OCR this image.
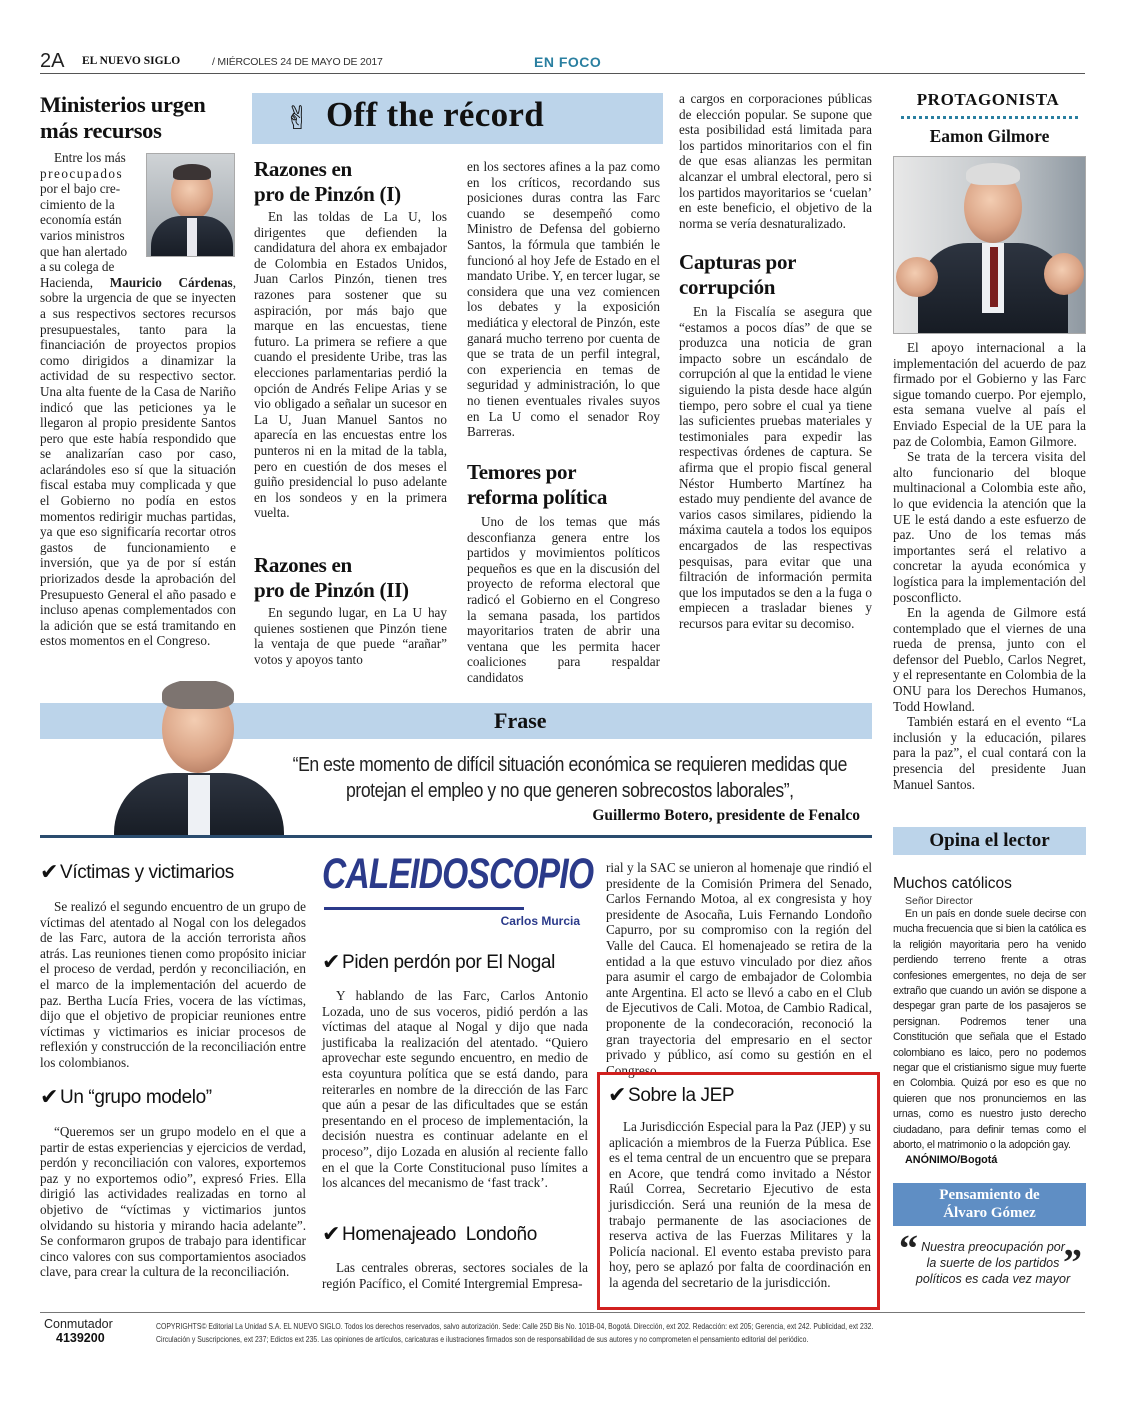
2A EL NUEVO SIGLO	/ MIÉRCOLES 24 DE MAYO DE 2017	EN FOCO
Ministerios urgen
más recursos
Entre los más
preocupados
por el bajo cre-
cimiento de la
economía están
varios ministros
que han alertado
a su colega de
Hacienda, Mauricio Cárdenas, sobre la urgencia de que se inyecten a sus respectivos sectores recursos presupuestales, tanto para la financiación de proyectos propios como dirigidos a dinamizar la actividad de su respectivo sector. Una alta fuente de la Casa de Nariño indicó que las peticiones ya le llegaron al propio presidente Santos pero que este había respondido que se analizarían caso por caso, aclarándoles eso sí que la situación fiscal estaba muy complicada y que el Gobierno no podía en estos momentos redirigir muchas partidas, ya que eso significaría recortar otros gastos de funcionamiento e inversión, que ya de por sí están priorizados desde la aprobación del Presupuesto General el año pasado e incluso apenas complementados con la adición que se está tramitando en estos momentos en el Congreso.
✌ Off the récord
Razones en
pro de Pinzón (I)

En las toldas de La U, los dirigentes que defienden la candidatura del ahora ex embajador de Colombia en Estados Unidos, Juan Carlos Pinzón, tienen tres razones para sostener que su aspiración, por más bajo que marque en las encuestas, tiene futuro. La primera se refiere a que cuando el presidente Uribe, tras las elecciones parlamentarias perdió la opción de Andrés Felipe Arias y se vio obligado a señalar un sucesor en La U, Juan Manuel Santos no aparecía en las encuestas entre los punteros ni en la mitad de la tabla, pero en cuestión de dos meses el guiño presidencial lo puso adelante en los sondeos y en la primera vuelta.

Razones en
pro de Pinzón (II)

En segundo lugar, en La U hay quienes sostienen que Pinzón tiene la ventaja de que puede “arañar” votos y apoyos tanto

en los sectores afines a la paz como en los críticos, recordando sus posiciones duras contra las Farc cuando se desempeñó como Ministro de Defensa del gobierno Santos, la fórmula que también le funcionó al hoy Jefe de Estado en el mandato Uribe. Y, en tercer lugar, se considera que una vez comiencen los debates y la exposición mediática y electoral de Pinzón, este ganará mucho terreno por cuenta de que se trata de un perfil integral, con experiencia en temas de seguridad y administración, lo que no tienen eventuales rivales suyos en La U como el senador Roy Barreras.
Temores por
reforma política

Uno de los temas que más desconfianza genera entre los partidos y movimientos políticos pequeños es que en la discusión del proyecto de reforma electoral que radicó el Gobierno en el Congreso la semana pasada, los partidos mayoritarios traten de abrir una ventana que les permita hacer coaliciones para respaldar candidatos

a cargos en corporaciones públicas de elección popular. Se supone que esta posibilidad está limitada para los partidos minoritarios con el fin de que esas alianzas les permitan alcanzar el umbral electoral, pero si los partidos mayoritarios se ‘cuelan’ en este beneficio, el objetivo de la norma se vería desnaturalizado.
Capturas por
corrupción

En la Fiscalía se asegura que “estamos a pocos días” de que se produzca una noticia de gran impacto sobre un escándalo de corrupción al que la entidad le viene siguiendo la pista desde hace algún tiempo, pero sobre el cual ya tiene las suficientes pruebas materiales y testimoniales para expedir las respectivas órdenes de captura. Se afirma que el propio fiscal general Néstor Humberto Martínez ha estado muy pendiente del avance de varios casos similares, pidiendo la máxima cautela a todos los equipos encargados de las respectivas pesquisas, para evitar que una filtración de información permita que los imputados se den a la fuga o empiecen a trasladar bienes y recursos para evitar su decomiso.

PROTAGONISTA
Eamon Gilmore

El apoyo internacional a la implementación del acuerdo de paz firmado por el Gobierno y las Farc sigue tomando cuerpo. Por ejemplo, esta semana vuelve al país el Enviado Especial de la UE para la paz de Colombia, Eamon Gilmore.

Se trata de la tercera visita del alto funcionario del bloque multinacional a Colombia este año, lo que evidencia la atención que la UE le está dando a este esfuerzo de paz. Uno de los temas más importantes será el relativo a concretar la ayuda económica y logística para la implementación del posconflicto.

En la agenda de Gilmore está contemplado que el viernes de una rueda de prensa, junto con el defensor del Pueblo, Carlos Negret, y el representante en Colombia de la ONU para los Derechos Humanos, Todd Howland.

También estará en el evento “La inclusión y la educación, pilares para la paz”, el cual contará con la presencia del presidente Juan Manuel Santos.

Frase
“En este momento de difícil situación económica se requieren medidas que protejan el empleo y no que generen sobrecostos laborales”,
Guillermo Botero, presidente de Fenalco
✔ Víctimas y victimarios

Se realizó el segundo encuentro de un grupo de víctimas del atentado al Nogal con los delegados de las Farc, autora de la acción terrorista años atrás. Las reuniones tienen como propósito iniciar el proceso de verdad, perdón y reconciliación, en el marco de la implementación del acuerdo de paz. Bertha Lucía Fries, vocera de las víctimas, dijo que el objetivo de propiciar reuniones entre víctimas y victimarios es iniciar procesos de reflexión y construcción de la reconciliación entre los colombianos.

✔ Un “grupo modelo”

“Queremos ser un grupo modelo en el que a partir de estas experiencias y ejercicios de verdad, perdón y reconciliación con valores, exportemos paz y no exportemos odio”, expresó Fries. Ella dirigió las actividades realizadas en torno al objetivo de “víctimas y victimarios juntos olvidando su historia y mirando hacia adelante”. Se conformaron grupos de trabajo para identificar cinco valores con sus comportamientos asociados clave, para crear la cultura de la reconciliación.

CALEIDOSCOPIO
Carlos Murcia
✔ Piden perdón por El Nogal

Y hablando de las Farc, Carlos Antonio Lozada, uno de sus voceros, pidió perdón a las víctimas del ataque al Nogal y dijo que nada justificaba la realización del atentado. “Quiero aprovechar este segundo encuentro, en medio de esta coyuntura política que se está dando, para reiterarles en nombre de la dirección de las Farc que aún a pesar de las dificultades que se están presentando en el proceso de implementación, la decisión nuestra es continuar adelante en el proceso”, dijo Lozada en alusión al reciente fallo en el que la Corte Constitucional puso límites a los alcances del mecanismo de ‘fast track’.

✔ Homenajeado  Londoño

Las centrales obreras, sectores sociales de la región Pacífico, el Comité Intergremial Empresa-

rial y la SAC se unieron al homenaje que rindió el presidente de la Comisión Primera del Senado, Carlos Fernando Motoa, al ex congresista y hoy presidente de Asocaña, Luis Fernando Londoño Capurro, por su compromiso con la región del Valle del Cauca. El homenajeado se retira de la entidad a la que estuvo vinculado por diez años para asumir el cargo de embajador de Colombia ante Argentina. El acto se llevó a cabo en el Club de Ejecutivos de Cali. Motoa, de Cambio Radical, proponente de la condecoración, reconoció la gran trayectoria del empresario en el sector privado y público, así como su gestión en el Congreso.
✔ Sobre la JEP

La Jurisdicción Especial para la Paz (JEP) y su aplicación a miembros de la Fuerza Pública. Ese es el tema central de un encuentro que se prepara en Acore, que tendrá como invitado a Néstor Raúl Correa, Secretario Ejecutivo de esta jurisdicción. Será una reunión de la mesa de trabajo permanente de las asociaciones de reserva activa de las Fuerzas Militares y la Policía nacional. El evento estaba previsto para hoy, pero se aplazó por falta de coordinación en la agenda del secretario de la jurisdicción.

Opina el lector
Muchos católicos
Señor Director
En un país en donde suele decirse con mucha frecuencia que si bien la católica es la religión mayoritaria pero ha venido perdiendo terreno frente a otras confesiones emergentes, no deja de ser extraño que cuando un avión se dispone a despegar gran parte de los pasajeros se persignan. Podremos tener una Constitución que señala que el Estado colombiano es laico, pero no podemos negar que el cristianismo sigue muy fuerte en Colombia. Quizá por eso es que no quieren que nos pronunciemos en las urnas, como es nuestro justo derecho ciudadano, para definir temas como el aborto, el matrimonio o la adopción gay.
ANÓNIMO/Bogotá
Pensamiento de
Álvaro Gómez
“	”
Nuestra preocupación por la suerte de los partidos políticos es cada vez mayor
Conmutador
4139200
COPYRIGHTS© Editorial La Unidad S.A. EL NUEVO SIGLO. Todos los derechos reservados, salvo autorización. Sede: Calle 25D Bis No. 101B-04, Bogotá. Dirección, ext 202. Redacción: ext 205; Gerencia, ext 242. Publicidad, ext 232.
Circulación y Suscripciones, ext 237; Edictos ext 235. Las opiniones de artículos, caricaturas e ilustraciones firmados son de responsabilidad de sus autores y no comprometen el pensamiento editorial del periódico.
